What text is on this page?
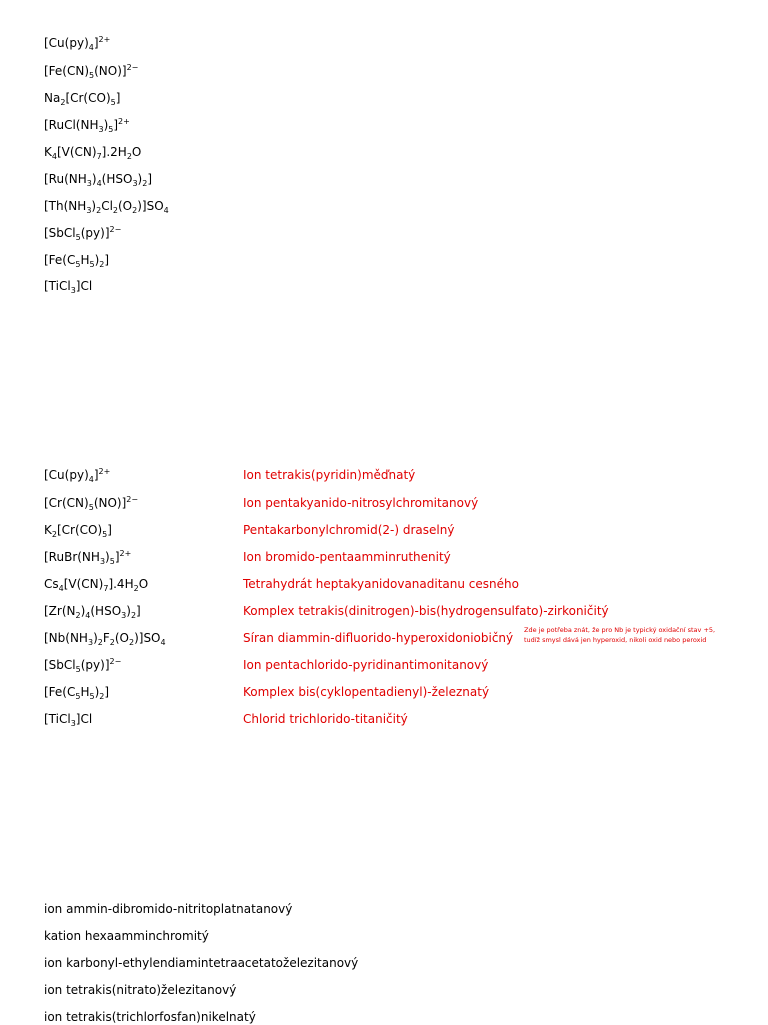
$[Cu(py)_4]^{2+}$
$[Fe(CN)_5(NO)]^{2-}$
$Na_2[Cr(CO)_5]$
$[RuCl(NH_3)_5]^{2+}$
$K_4[V(CN)_7].2H_2O$
$[Ru(NH_3)_4(HSO_3)_2]$
$[Th(NH_3)_2Cl_2(O_2)]SO_4$
[SbCl$_5$(py)]$^{2-}$
$[Fe(C_5H_5)_2]$
[TiCl$_3$]Cl
$[Cu(py)_4]^{2+}$	Ion tetrakis(pyridin)měďnatý
$[Cr(CN)_5(NO)]^{2-}$	Ion pentakyanido-nitrosylchromitanový
$K_2[Cr(CO)_5]$	Pentakarbonylchromid(2-) draselný
$[RuBr(NH_3)_5]^{2+}$	Ion bromido-pentaamminruthenitý
$Cs_4[V(CN)_7].4H_2O$	Tetrahydrát heptakyanidovanaditanu cesného
$[Zr(N_2)_4(HSO_3)_2]$	Komplex tetrakis(dinitrogen)-bis(hydrogensulfato)-zirkoničitý
$[Nb(NH_3)_2F_2(O_2)]SO_4$	Síran diammin-difluorido-hyperoxidoniobičný
[SbCl$_5$(py)]$^{2-}$	Ion pentachlorido-pyridinantimonitanový
$[Fe(C_5H_5)_2]$	Komplex bis(cyklopentadienyl)-železnatý
[TiCl$_3$]Cl	Chlorid trichlorido-titaničitý
Zde je potřeba znát, že pro Nb je typický oxidační stav +5,
tudíž smysl dává jen hyperoxid, nikoli oxid nebo peroxid
ion ammin-dibromido-nitritoplatnatanový
kation hexaamminchromitý
ion karbonyl-ethylendiamintetraacetatoželezitanový
ion tetrakis(nitrato)železitanový
ion tetrakis(trichlorfosfan)nikelnatý
